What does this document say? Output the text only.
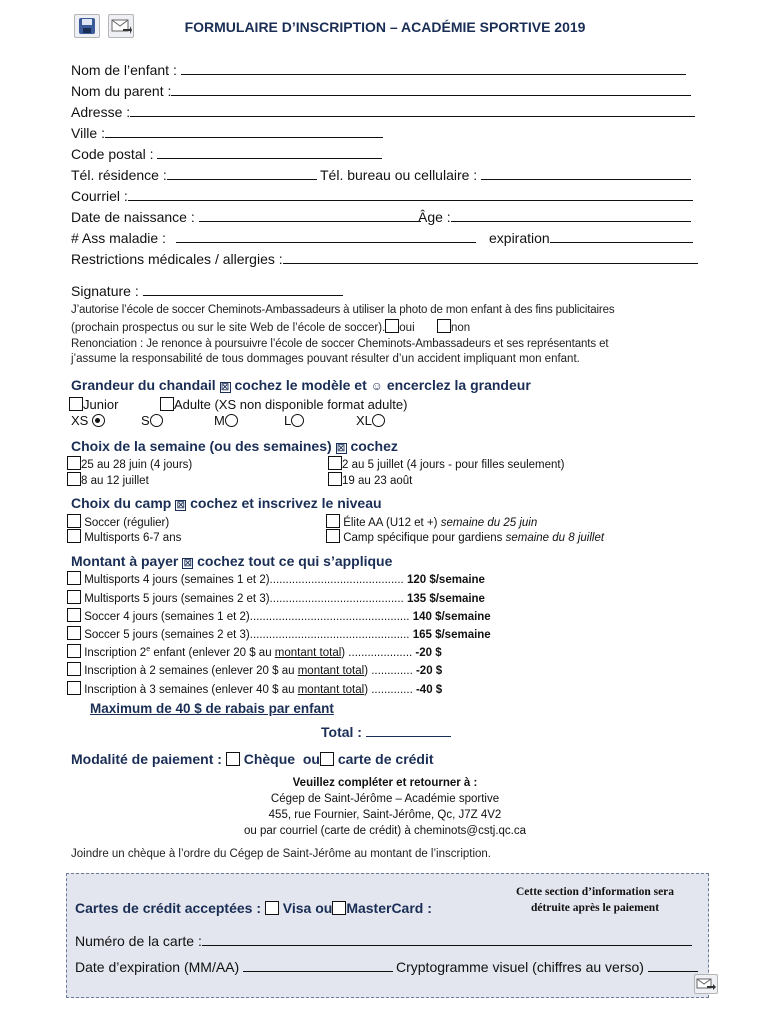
FORMULAIRE D’INSCRIPTION – ACADÉMIE SPORTIVE 2019
Nom de l’enfant :
Nom du parent :
Adresse :
Ville :
Code postal :
Tél. résidence :	Tél. bureau ou cellulaire :
Courriel :
Date de naissance :	Âge :
# Ass maladie :	expiration
Restrictions médicales / allergies :
Signature :
J’autorise l’école de soccer Cheminots-Ambassadeurs à utiliser la photo de mon enfant à des fins publicitaires
(prochain prospectus ou sur le site Web de l’école de soccer). oui	non
Renonciation : Je renonce à poursuivre l’école de soccer Cheminots-Ambassadeurs et ses représentants et
j’assume la responsabilité de tous dommages pouvant résulter d’un accident impliquant mon enfant.
Grandeur du chandail ☒ cochez le modèle et ☺ encerclez la grandeur
Junior	Adulte (XS non disponible format adulte)
XS	S	M	L	XL
Choix de la semaine (ou des semaines) ☒ cochez
25 au 28 juin (4 jours)	2 au 5 juillet (4 jours - pour filles seulement)
8 au 12 juillet	19 au 23 août
Choix du camp ☒ cochez et inscrivez le niveau
Soccer (régulier)	Élite AA (U12 et +) semaine du 25 juin
Multisports 6-7 ans	Camp spécifique pour gardiens semaine du 8 juillet
Montant à payer ☒ cochez tout ce qui s’applique
Multisports 4 jours (semaines 1 et 2).......................................... 120 $/semaine
Multisports 5 jours (semaines 2 et 3).......................................... 135 $/semaine
Soccer 4 jours (semaines 1 et 2).................................................. 140 $/semaine
Soccer 5 jours (semaines 2 et 3).................................................. 165 $/semaine
Inscription 2e enfant (enlever 20 $ au montant total) .................... -20 $
Inscription à 2 semaines (enlever 20 $ au montant total) ............. -20 $
Inscription à 3 semaines (enlever 40 $ au montant total) ............. -40 $
Maximum de 40 $ de rabais par enfant
Total :
Modalité de paiement : Chèque ou carte de crédit
Veuillez compléter et retourner à :
Cégep de Saint-Jérôme – Académie sportive
455, rue Fournier, Saint-Jérôme, Qc, J7Z 4V2
ou par courriel (carte de crédit) à cheminots@cstj.qc.ca
Joindre un chèque à l’ordre du Cégep de Saint-Jérôme au montant de l’inscription.
Cartes de crédit acceptées : Visa ou MasterCard :
Cette section d’information sera
détruite après le paiement
Numéro de la carte :
Date d’expiration (MM/AA)	Cryptogramme visuel (chiffres au verso)
